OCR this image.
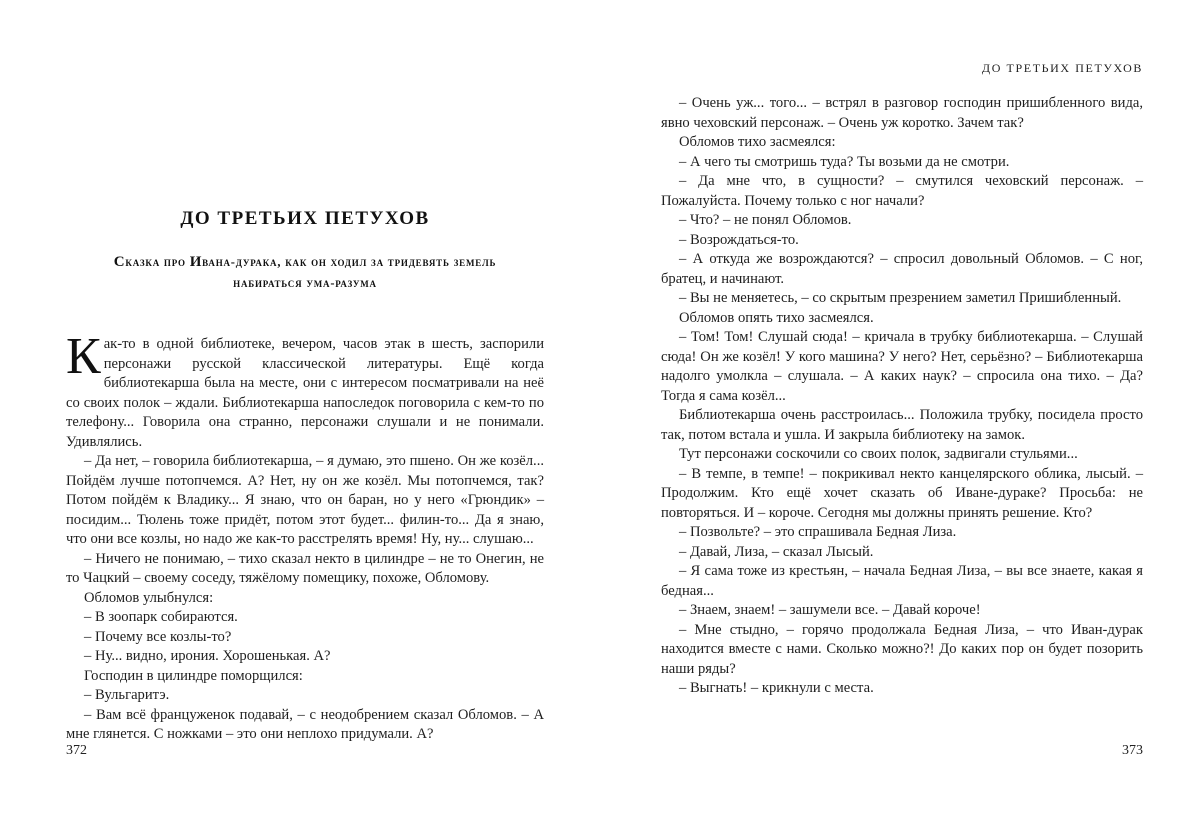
ДО ТРЕТЬИХ ПЕТУХОВ
Сказка про Ивана-дурака, как он ходил за тридевять земель
набираться ума-разума

Как-то в одной библиотеке, вечером, часов этак в шесть, заспорили персонажи русской классической литературы. Ещё когда библиотекарша была на месте, они с интересом посматривали на неё со своих полок – ждали. Библиотекарша напоследок поговорила с кем-то по телефону... Говорила она странно, персонажи слушали и не понимали. Удивлялись.

– Да нет, – говорила библиотекарша, – я думаю, это пшено. Он же козёл... Пойдём лучше потопчемся. А? Нет, ну он же козёл. Мы потопчемся, так? Потом пойдём к Владику... Я знаю, что он баран, но у него «Грюндик» – посидим... Тюлень тоже придёт, потом этот будет... филин-то... Да я знаю, что они все козлы, но надо же как-то расстрелять время! Ну, ну... слушаю...

– Ничего не понимаю, – тихо сказал некто в цилиндре – не то Онегин, не то Чацкий – своему соседу, тяжёлому помещику, похоже, Обломову.

Обломов улыбнулся:

– В зоопарк собираются.

– Почему все козлы-то?

– Ну... видно, ирония. Хорошенькая. А?

Господин в цилиндре поморщился:

– Вульгаритэ.

– Вам всё француженок подавай, – с неодобрением сказал Обломов. – А мне глянется. С ножками – это они неплохо придумали. А?

372
ДО ТРЕТЬИХ ПЕТУХОВ

– Очень уж... того... – встрял в разговор господин пришибленного вида, явно чеховский персонаж. – Очень уж коротко. Зачем так?

Обломов тихо засмеялся:

– А чего ты смотришь туда? Ты возьми да не смотри.

– Да мне что, в сущности? – смутился чеховский персонаж. – Пожалуйста. Почему только с ног начали?

– Что? – не понял Обломов.

– Возрождаться-то.

– А откуда же возрождаются? – спросил довольный Обломов. – С ног, братец, и начинают.

– Вы не меняетесь, – со скрытым презрением заметил Пришибленный.

Обломов опять тихо засмеялся.

– Том! Том! Слушай сюда! – кричала в трубку библиотекарша. – Слушай сюда! Он же козёл! У кого машина? У него? Нет, серьёзно? – Библиотекарша надолго умолкла – слушала. – А каких наук? – спросила она тихо. – Да? Тогда я сама козёл...

Библиотекарша очень расстроилась... Положила трубку, посидела просто так, потом встала и ушла. И закрыла библиотеку на замок.

Тут персонажи соскочили со своих полок, задвигали стульями...

– В темпе, в темпе! – покрикивал некто канцелярского облика, лысый. – Продолжим. Кто ещё хочет сказать об Иване-дураке? Просьба: не повторяться. И – короче. Сегодня мы должны принять решение. Кто?

– Позвольте? – это спрашивала Бедная Лиза.

– Давай, Лиза, – сказал Лысый.

– Я сама тоже из крестьян, – начала Бедная Лиза, – вы все знаете, какая я бедная...

– Знаем, знаем! – зашумели все. – Давай короче!

– Мне стыдно, – горячо продолжала Бедная Лиза, – что Иван-дурак находится вместе с нами. Сколько можно?! До каких пор он будет позорить наши ряды?

– Выгнать! – крикнули с места.

373
